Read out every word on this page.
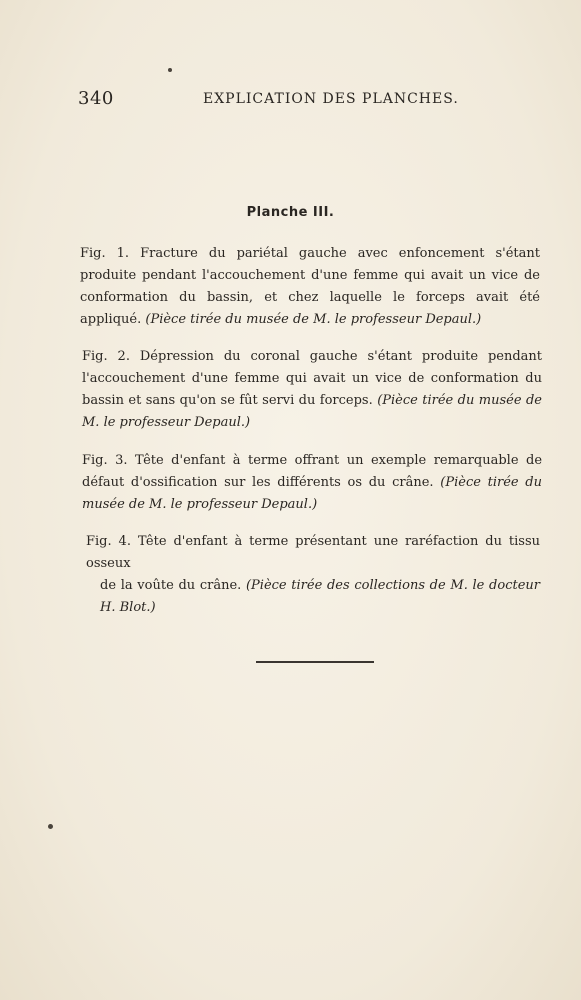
340	EXPLICATION DES PLANCHES.
Planche III.

Fig. 1. Fracture du pariétal gauche avec enfoncement s'étant produite pendant l'accouchement d'une femme qui avait un vice de conformation du bassin, et chez laquelle le forceps avait été appliqué. (Pièce tirée du musée de M. le professeur Depaul.)

Fig. 2. Dépression du coronal gauche s'étant produite pendant l'accouchement d'une femme qui avait un vice de conformation du bassin et sans qu'on se fût servi du forceps. (Pièce tirée du musée de M. le professeur Depaul.)

Fig. 3. Tête d'enfant à terme offrant un exemple remarquable de défaut d'ossification sur les différents os du crâne. (Pièce tirée du musée de M. le professeur Depaul.)

Fig. 4. Tête d'enfant à terme présentant une raréfaction du tissu osseux
de la voûte du crâne. (Pièce tirée des collections de M. le docteur H. Blot.)
